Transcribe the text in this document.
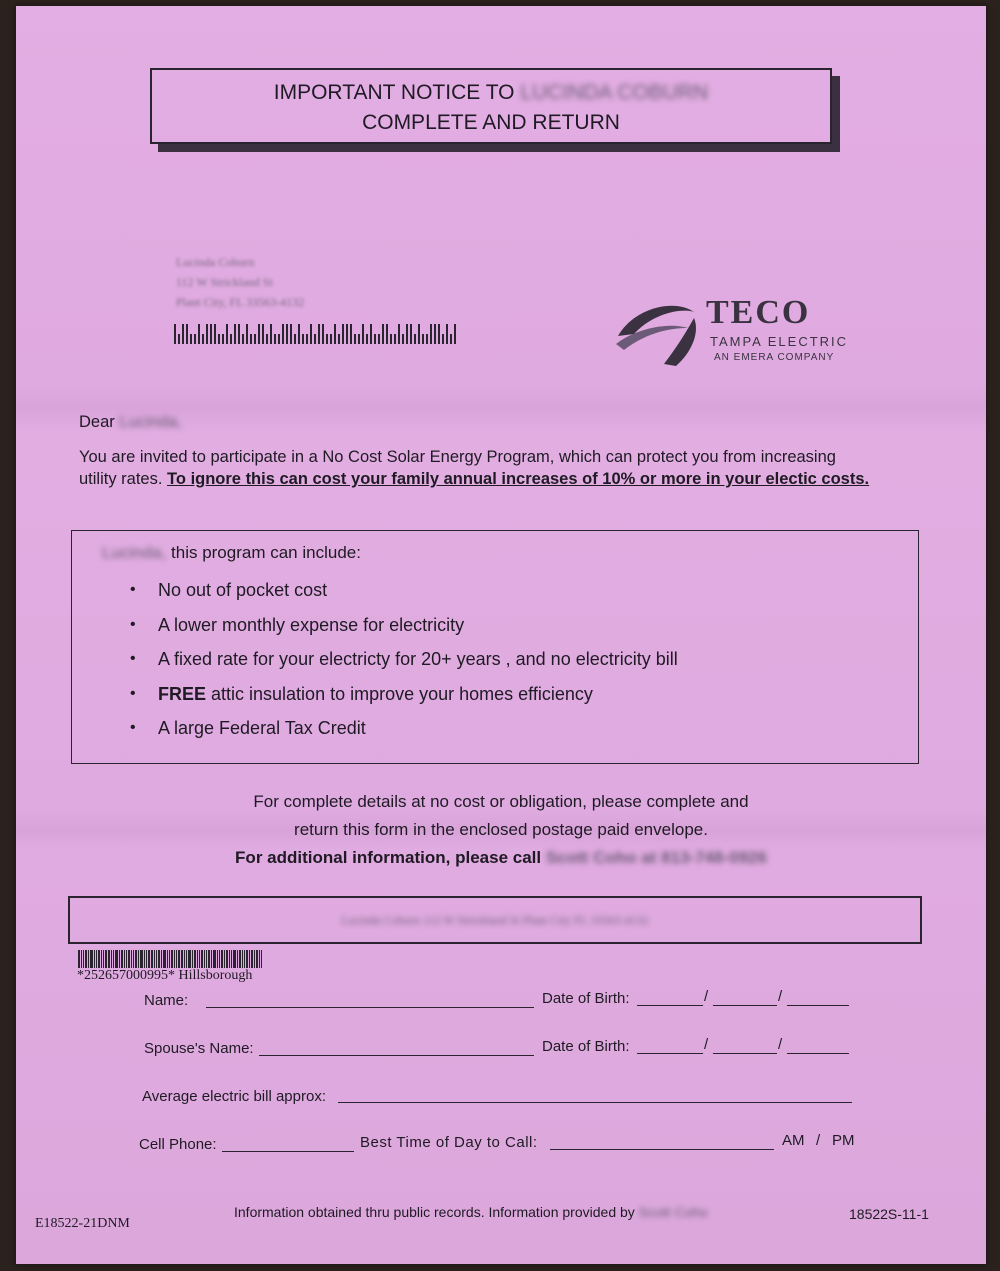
IMPORTANT NOTICE TO LUCINDA COBURN
COMPLETE AND RETURN
Lucinda Coburn
112 W Strickland St
Plant City, FL 33563-4132	TECO
TAMPA ELECTRIC
AN EMERA COMPANY
Dear Lucinda,
You are invited to participate in a No Cost Solar Energy Program, which can protect you from increasing
utility rates. To ignore this can cost your family annual increases of 10% or more in your electic costs.
Lucinda, this program can include:
• No out of pocket cost
• A lower monthly expense for electricity
• A fixed rate for your electricty for 20+ years , and no electricity bill
• FREE attic insulation to improve your homes efficiency
• A large Federal Tax Credit
For complete details at no cost or obligation, please complete and
return this form in the enclosed postage paid envelope.
For additional information, please call Scott Coho at 813-748-0926
Lucinda Coburn 112 W Strickland St Plant City FL 33563-4132
*252657000995* Hillsborough
Name:	Date of Birth:	/	/
Spouse's Name:	Date of Birth:	/	/
Average electric bill approx:
Cell Phone:	Best Time of Day to Call:	AM / PM
E18522-21DNM
Information obtained thru public records. Information provided by Scott Coho	18522S-11-1
